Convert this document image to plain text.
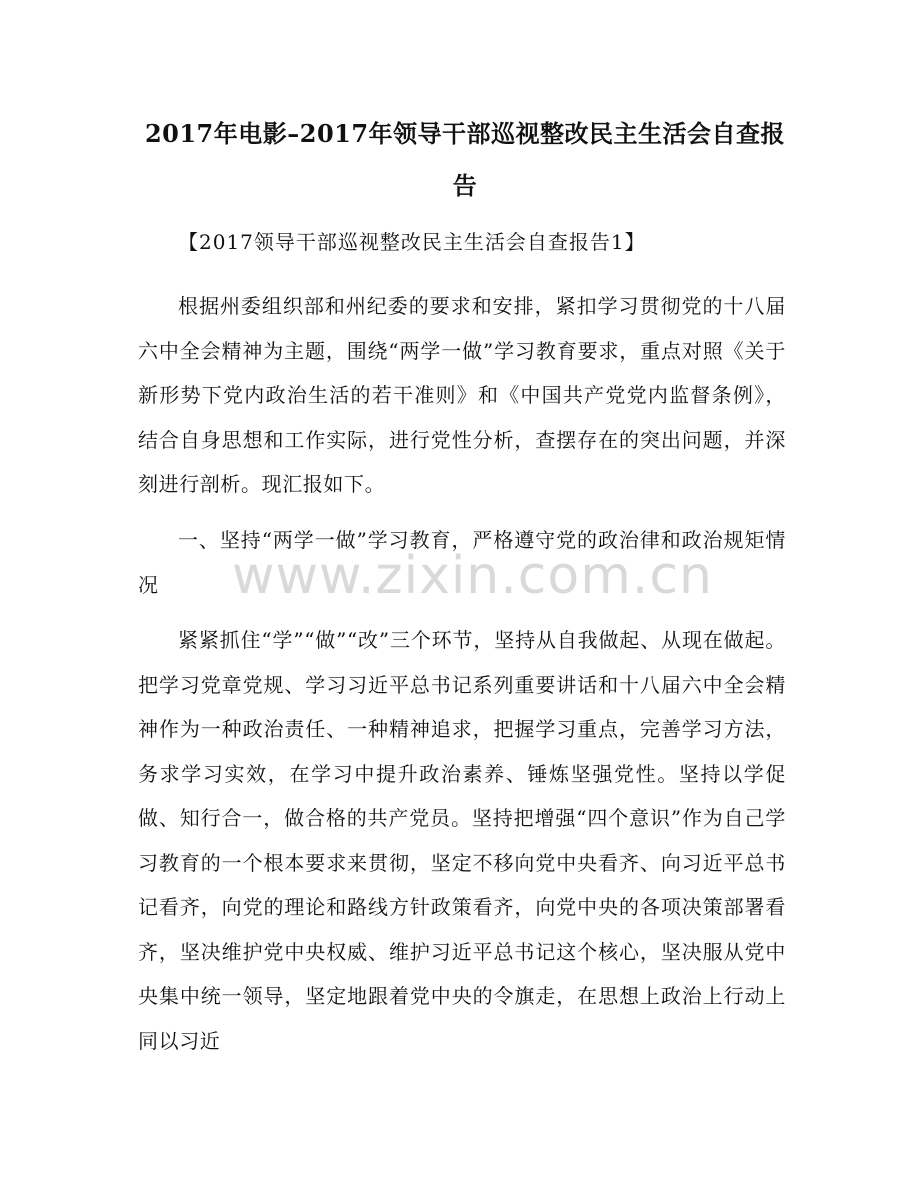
2017年电影–2017年领导干部巡视整改民主生活会自查报告

【2017领导干部巡视整改民主生活会自查报告1】

根据州委组织部和州纪委的要求和安排，紧扣学习贯彻党的十八届六中全会精神为主题，围绕“两学一做”学习教育要求，重点对照《关于新形势下党内政治生活的若干准则》和《中国共产党党内监督条例》，结合自身思想和工作实际，进行党性分析，查摆存在的突出问题，并深刻进行剖析。现汇报如下。

一、坚持“两学一做”学习教育，严格遵守党的政治律和政治规矩情况

紧紧抓住“学”“做”“改”三个环节，坚持从自我做起、从现在做起。把学习党章党规、学习习近平总书记系列重要讲话和十八届六中全会精神作为一种政治责任、一种精神追求，把握学习重点，完善学习方法，务求学习实效，在学习中提升政治素养、锤炼坚强党性。坚持以学促做、知行合一，做合格的共产党员。坚持把增强“四个意识”作为自己学习教育的一个根本要求来贯彻，坚定不移向党中央看齐、向习近平总书记看齐，向党的理论和路线方针政策看齐，向党中央的各项决策部署看齐，坚决维护党中央权威、维护习近平总书记这个核心，坚决服从党中央集中统一领导，坚定地跟着党中央的令旗走，在思想上政治上行动上同以习近

www.zixin.com.cn
